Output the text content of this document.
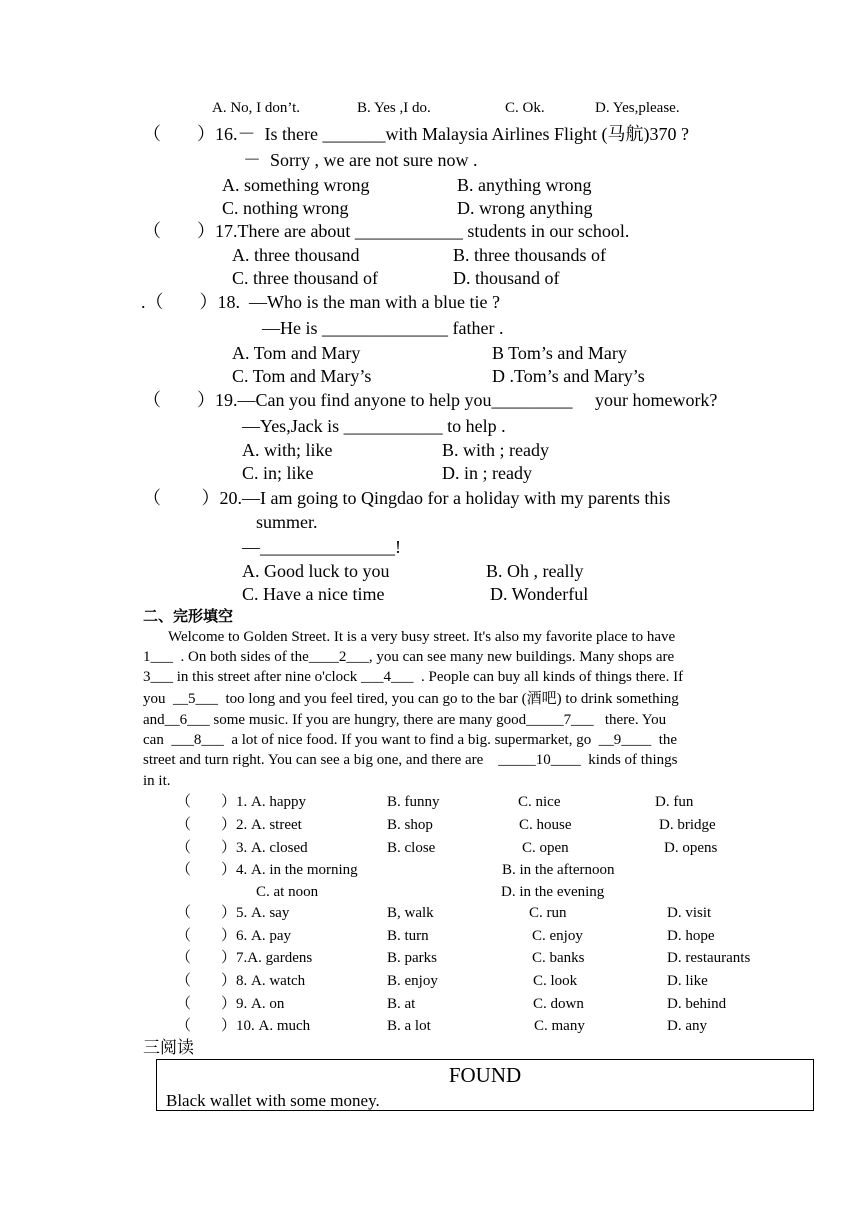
A. No, I don’t.	B. Yes ,I do.	C. Ok.	D. Yes,please.
（　　）16.－  Is there _______with Malaysia Airlines Flight (马航)370 ?
－  Sorry , we are not sure now .
A. something wrong	B. anything wrong
C. nothing wrong	D. wrong anything
（　　）17.There are about ____________ students in our school.
A. three thousand	B. three thousands of
C. three thousand of	D. thousand of
.（　　）18.  —Who is the man with a blue tie ?
—He is ______________ father .
A. Tom and Mary	B Tom’s and Mary
C. Tom and Mary’s	D .Tom’s and Mary’s
（　　）19.—Can you find anyone to help you_________     your homework?
—Yes,Jack is ___________ to help .
A. with; like	B. with ; ready
C. in; like	D. in ; ready
（　　 ）20.—I am going to Qingdao for a holiday with my parents this
summer.
—_______________!
A. Good luck to you	B. Oh , really
C. Have a nice time	D. Wonderful
二、完形填空
Welcome to Golden Street. It is a very busy street. It's also my favorite place to have
1___  . On both sides of the____2___, you can see many new buildings. Many shops are
3___ in this street after nine o'clock ___4___  . People can buy all kinds of things there. If
you  __5___  too long and you feel tired, you can go to the bar (酒吧) to drink something
and__6___ some music. If you are hungry, there are many good_____7___   there. You
can  ___8___  a lot of nice food. If you want to find a big. supermarket, go  __9____  the
street and turn right. You can see a big one, and there are    _____10____  kinds of things
in it.
（　　）1. A. happy	B. funny	C. nice	D. fun
（　　）2. A. street	B. shop	C. house	D. bridge
（　　）3. A. closed	B. close	C. open	D. opens
（　　）4. A. in the morning	B. in the afternoon
C. at noon	D. in the evening
（　　）5. A. say	B, walk	C. run	D. visit
（　　）6. A. pay	B. turn	C. enjoy	D. hope
（　　）7.A. gardens	B. parks	C. banks	D. restaurants
（　　）8. A. watch	B. enjoy	C. look	D. like
（　　）9. A. on	B. at	C. down	D. behind
（　　）10. A. much	B. a lot	C. many	D. any
三阅读
FOUND
Black wallet with some money.
